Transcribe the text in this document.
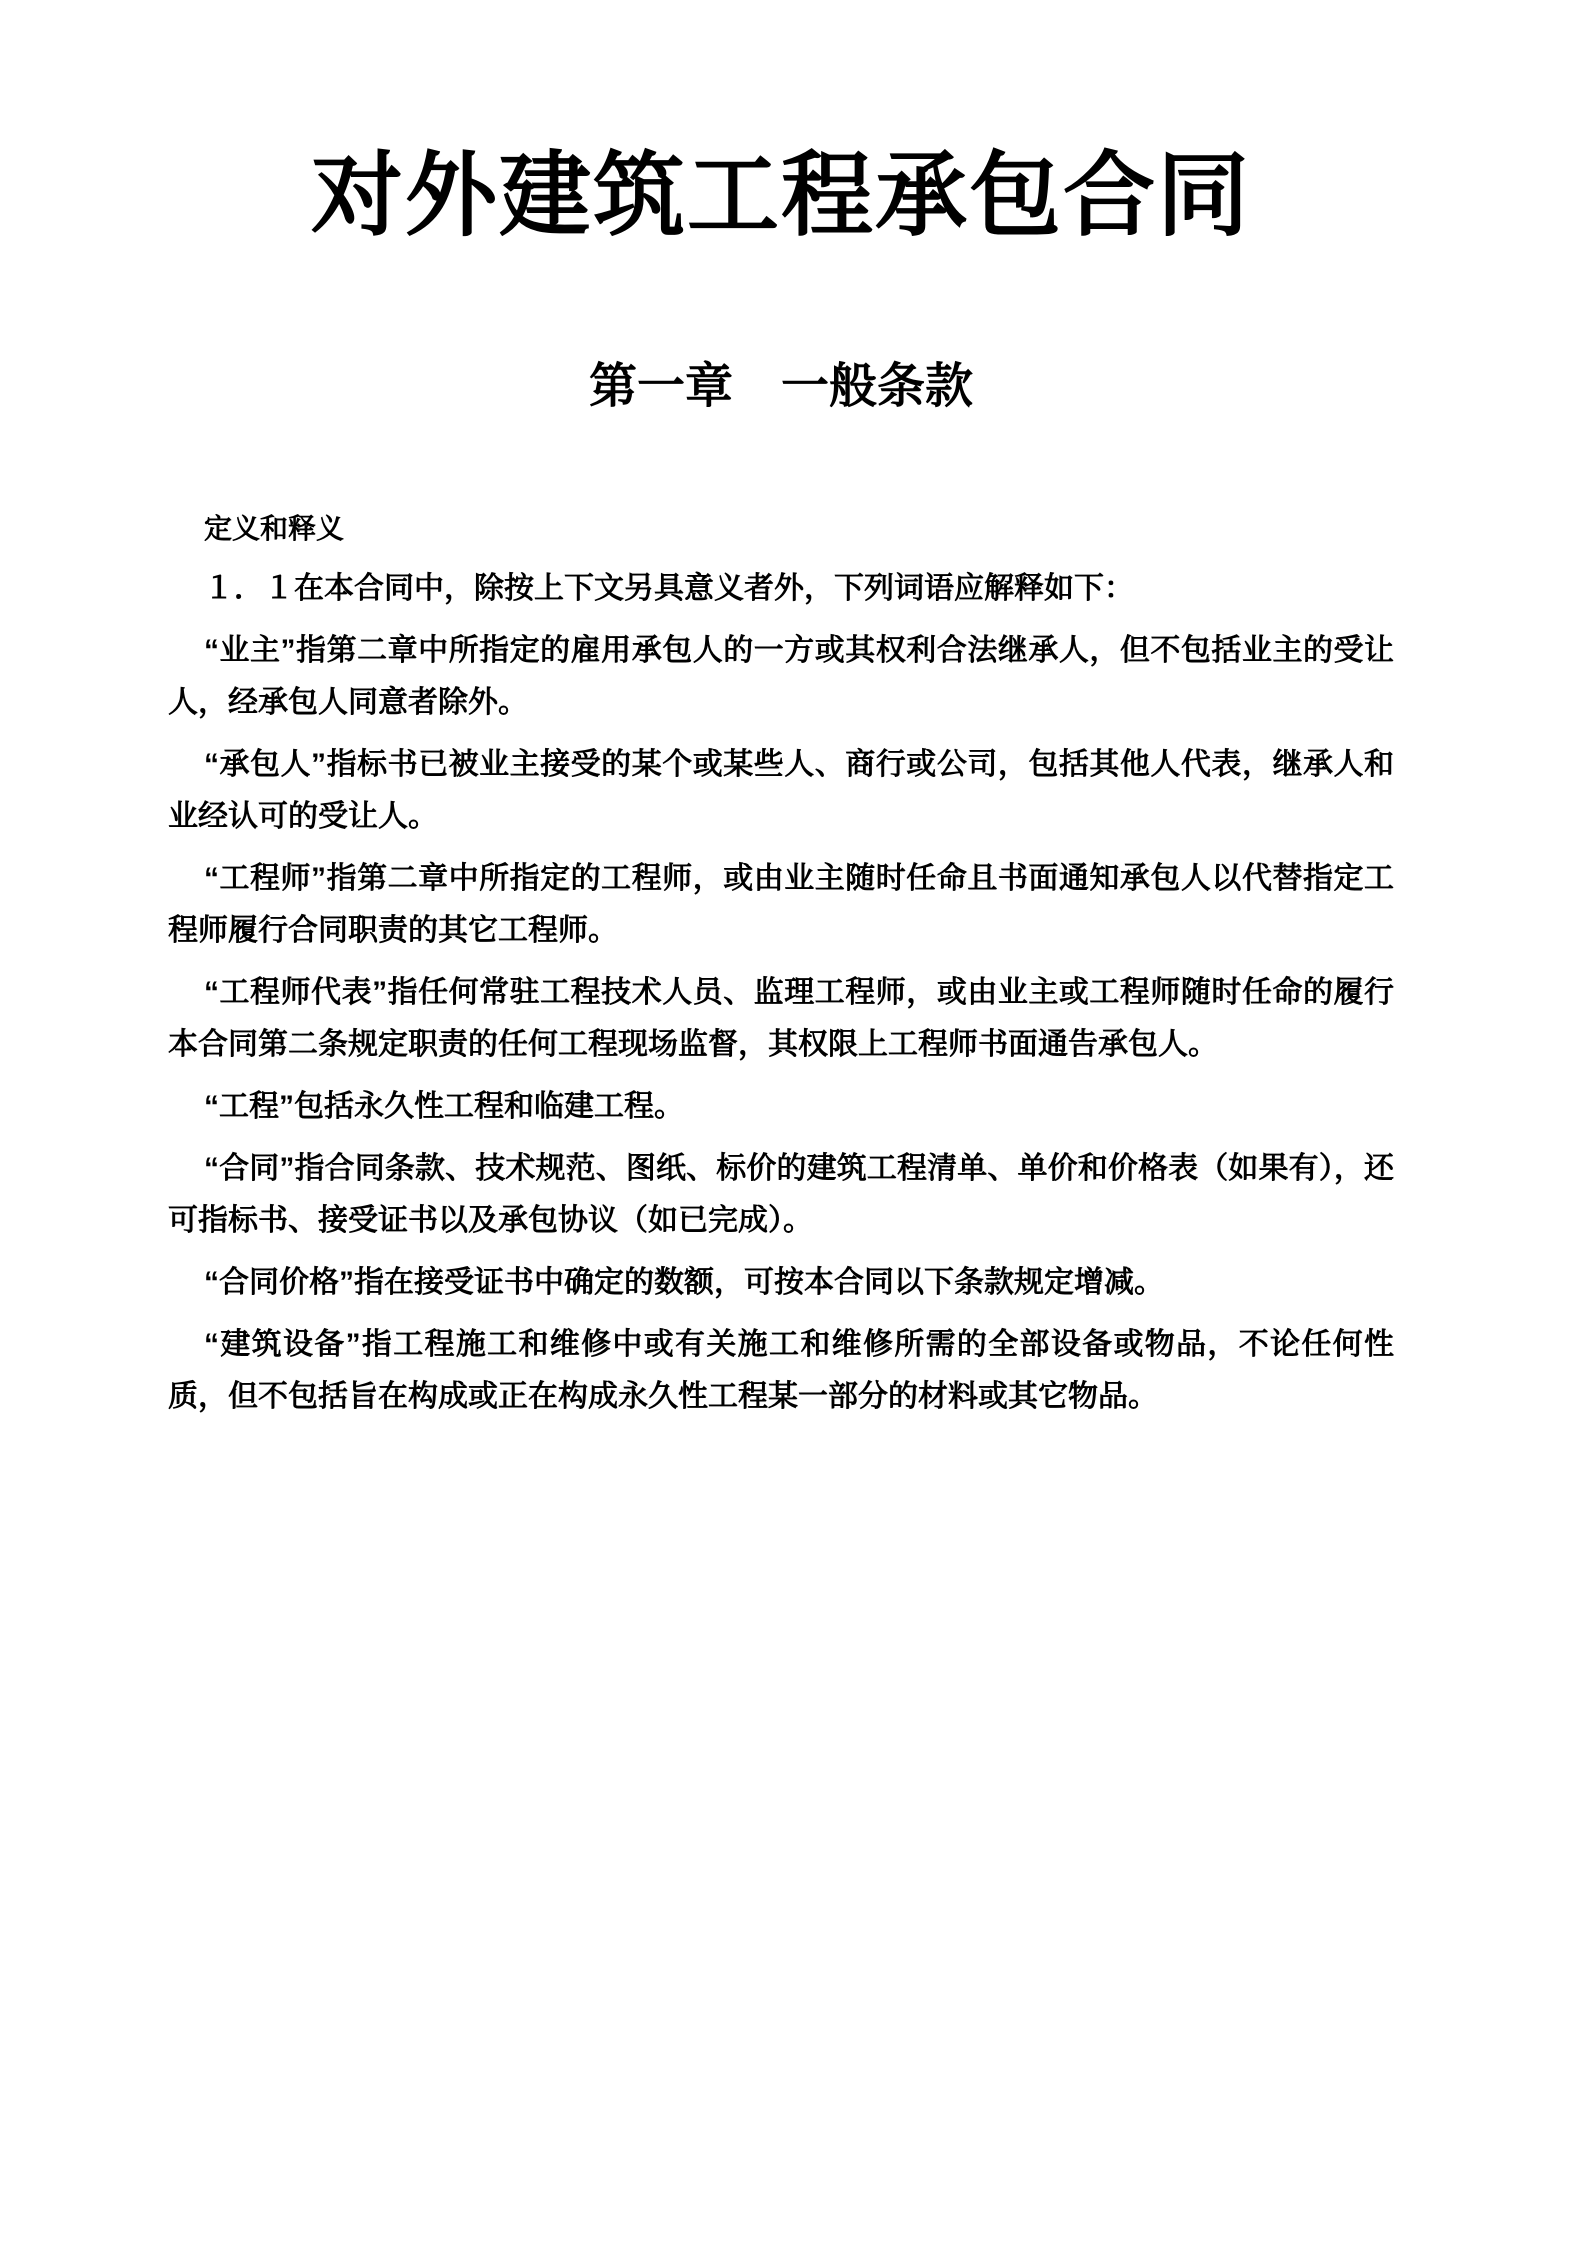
对外建筑工程承包合同
第一章　一般条款

定义和释义

１．１在本合同中，除按上下文另具意义者外，下列词语应解释如下：

“业主”指第二章中所指定的雇用承包人的一方或其权利合法继承人，但不包括业主的受让人，经承包人同意者除外。

“承包人”指标书已被业主接受的某个或某些人、商行或公司，包括其他人代表，继承人和业经认可的受让人。

“工程师”指第二章中所指定的工程师，或由业主随时任命且书面通知承包人以代替指定工程师履行合同职责的其它工程师。

“工程师代表”指任何常驻工程技术人员、监理工程师，或由业主或工程师随时任命的履行本合同第二条规定职责的任何工程现场监督，其权限上工程师书面通告承包人。

“工程”包括永久性工程和临建工程。

“合同”指合同条款、技术规范、图纸、标价的建筑工程清单、单价和价格表（如果有），还可指标书、接受证书以及承包协议（如已完成）。

“合同价格”指在接受证书中确定的数额，可按本合同以下条款规定增减。

“建筑设备”指工程施工和维修中或有关施工和维修所需的全部设备或物品，不论任何性质，但不包括旨在构成或正在构成永久性工程某一部分的材料或其它物品。
